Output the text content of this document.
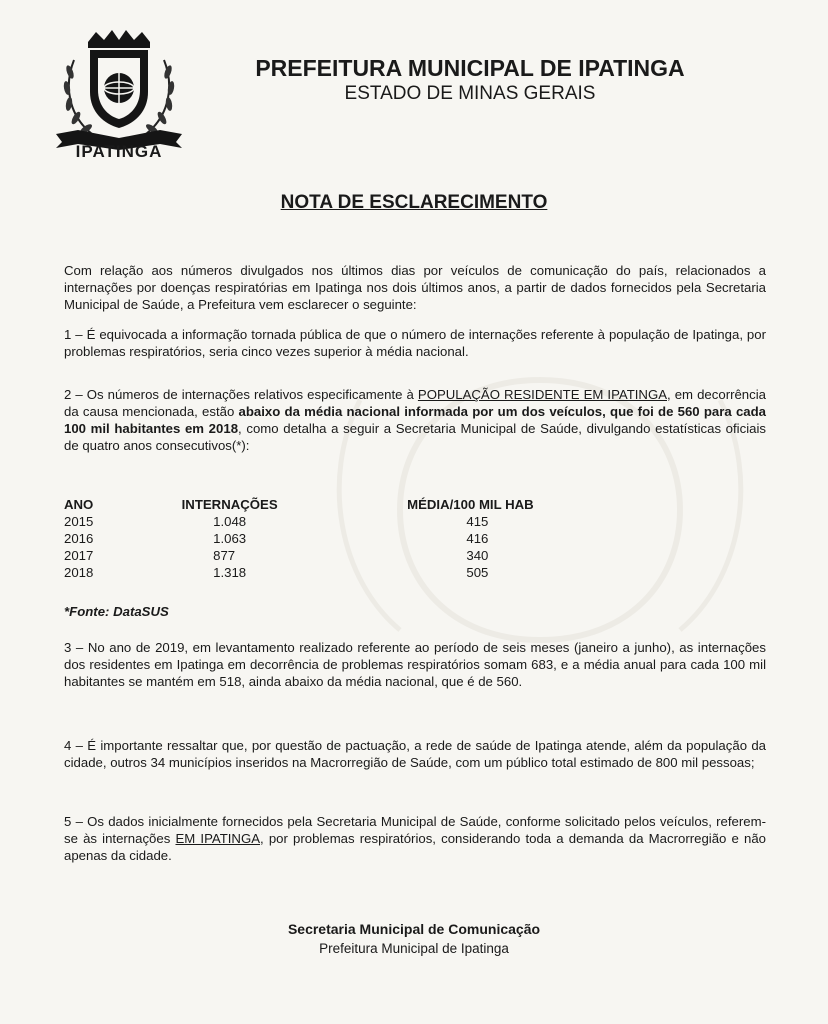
IPATINGA
PREFEITURA MUNICIPAL DE IPATINGA
ESTADO DE MINAS GERAIS
NOTA DE ESCLARECIMENTO
Com relação aos números divulgados nos últimos dias por veículos de comunicação do país, relacionados a internações por doenças respiratórias em Ipatinga nos dois últimos anos, a partir de dados fornecidos pela Secretaria Municipal de Saúde, a Prefeitura vem esclarecer o seguinte:
1 – É equivocada a informação tornada pública de que o número de internações referente à população de Ipatinga, por problemas respiratórios, seria cinco vezes superior à média nacional.
2 – Os números de internações relativos especificamente à POPULAÇÃO RESIDENTE EM IPATINGA, em decorrência da causa mencionada, estão abaixo da média nacional informada por um dos veículos, que foi de 560 para cada 100 mil habitantes em 2018, como detalha a seguir a Secretaria Municipal de Saúde, divulgando estatísticas oficiais de quatro anos consecutivos(*):
ANO	INTERNAÇÕES	MÉDIA/100 MIL HAB
2015	1.048	415
2016	1.063	416
2017	877	340
2018	1.318	505
*Fonte: DataSUS
3 – No ano de 2019, em levantamento realizado referente ao período de seis meses (janeiro a junho), as internações dos residentes em Ipatinga em decorrência de problemas respiratórios somam 683, e a média anual para cada 100 mil habitantes se mantém em 518, ainda abaixo da média nacional, que é de 560.
4 – É importante ressaltar que, por questão de pactuação, a rede de saúde de Ipatinga atende, além da população da cidade, outros 34 municípios inseridos na Macrorregião de Saúde, com um público total estimado de 800 mil pessoas;
5 – Os dados inicialmente fornecidos pela Secretaria Municipal de Saúde, conforme solicitado pelos veículos, referem-se às internações EM IPATINGA, por problemas respiratórios, considerando toda a demanda da Macrorregião e não apenas da cidade.
Secretaria Municipal de Comunicação
Prefeitura Municipal de Ipatinga
